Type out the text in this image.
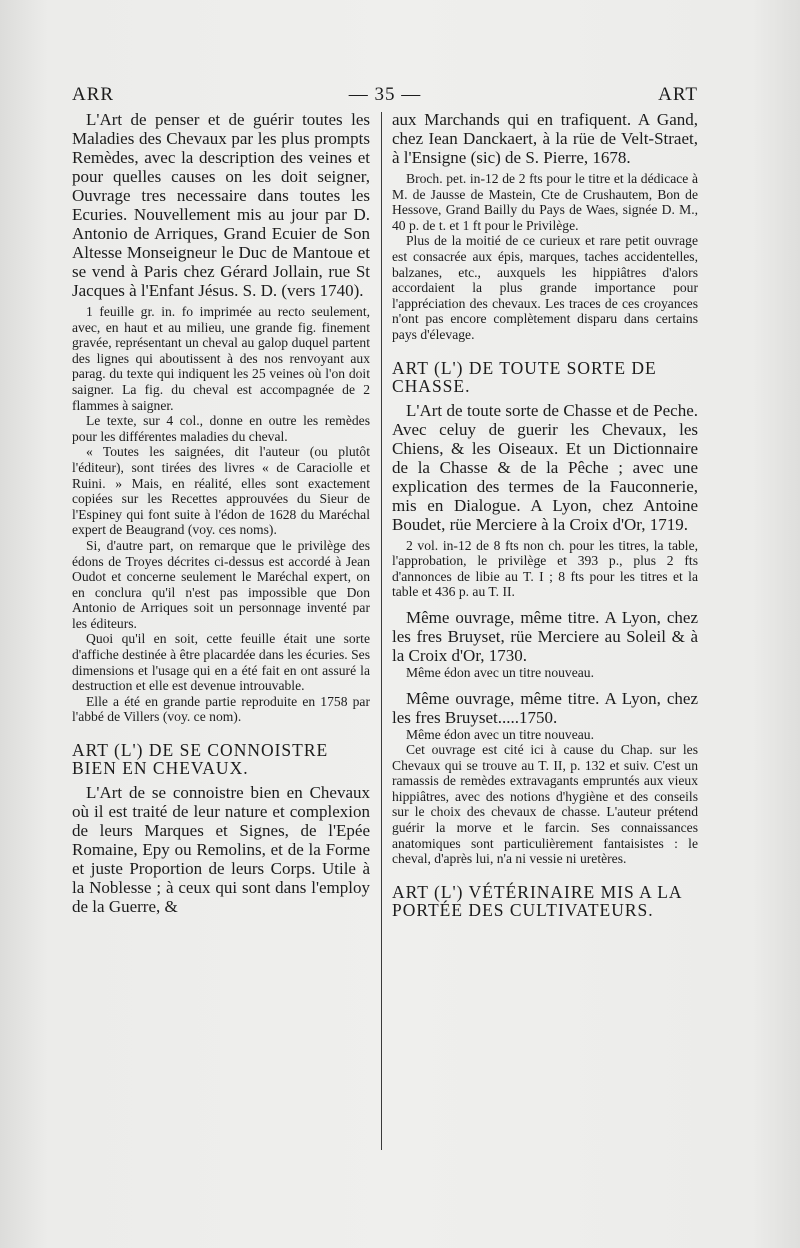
ARR	— 35 —	ART

L'Art de penser et de guérir toutes les Maladies des Chevaux par les plus prompts Remèdes, avec la description des veines et pour quelles causes on les doit seigner, Ouvrage tres necessaire dans toutes les Ecuries. Nouvellement mis au jour par D. Antonio de Arriques, Grand Ecuier de Son Altesse Monseigneur le Duc de Mantoue et se vend à Paris chez Gérard Jollain, rue St Jacques à l'Enfant Jésus. S. D. (vers 1740).

1 feuille gr. in. fo imprimée au recto seulement, avec, en haut et au milieu, une grande fig. finement gravée, représentant un cheval au galop duquel partent des lignes qui aboutissent à des nos renvoyant aux parag. du texte qui indiquent les 25 veines où l'on doit saigner. La fig. du cheval est accompagnée de 2 flammes à saigner.

Le texte, sur 4 col., donne en outre les remèdes pour les différentes maladies du cheval.

« Toutes les saignées, dit l'auteur (ou plutôt l'éditeur), sont tirées des livres « de Caraciolle et Ruini. » Mais, en réalité, elles sont exactement copiées sur les Recettes approuvées du Sieur de l'Espiney qui font suite à l'édon de 1628 du Maréchal expert de Beaugrand (voy. ces noms).

Si, d'autre part, on remarque que le privilège des édons de Troyes décrites ci-dessus est accordé à Jean Oudot et concerne seulement le Maréchal expert, on en conclura qu'il n'est pas impossible que Don Antonio de Arriques soit un personnage inventé par les éditeurs.

Quoi qu'il en soit, cette feuille était une sorte d'affiche destinée à être placardée dans les écuries. Ses dimensions et l'usage qui en a été fait en ont assuré la destruction et elle est devenue introuvable.

Elle a été en grande partie reproduite en 1758 par l'abbé de Villers (voy. ce nom).

ART (L') DE SE CONNOISTRE BIEN EN CHEVAUX.

L'Art de se connoistre bien en Chevaux où il est traité de leur nature et complexion de leurs Marques et Signes, de l'Epée Romaine, Epy ou Remolins, et de la Forme et juste Proportion de leurs Corps. Utile à la Noblesse ; à ceux qui sont dans l'employ de la Guerre, &

aux Marchands qui en trafiquent. A Gand, chez Iean Danckaert, à la rüe de Velt-Straet, à l'Ensigne (sic) de S. Pierre, 1678.

Broch. pet. in-12 de 2 fts pour le titre et la dédicace à M. de Jausse de Mastein, Cte de Crushautem, Bon de Hessove, Grand Bailly du Pays de Waes, signée D. M., 40 p. de t. et 1 ft pour le Privilège.

Plus de la moitié de ce curieux et rare petit ouvrage est consacrée aux épis, marques, taches accidentelles, balzanes, etc., auxquels les hippiâtres d'alors accordaient la plus grande importance pour l'appréciation des chevaux. Les traces de ces croyances n'ont pas encore complètement disparu dans certains pays d'élevage.

ART (L') DE TOUTE SORTE DE CHASSE.

L'Art de toute sorte de Chasse et de Peche. Avec celuy de guerir les Chevaux, les Chiens, & les Oiseaux. Et un Dictionnaire de la Chasse & de la Pêche ; avec une explication des termes de la Fauconnerie, mis en Dialogue. A Lyon, chez Antoine Boudet, rüe Merciere à la Croix d'Or, 1719.

2 vol. in-12 de 8 fts non ch. pour les titres, la table, l'approbation, le privilège et 393 p., plus 2 fts d'annonces de libie au T. I ; 8 fts pour les titres et la table et 436 p. au T. II.

Même ouvrage, même titre. A Lyon, chez les fres Bruyset, rüe Merciere au Soleil & à la Croix d'Or, 1730.

Même édon avec un titre nouveau.

Même ouvrage, même titre. A Lyon, chez les fres Bruyset.....1750.

Même édon avec un titre nouveau.

Cet ouvrage est cité ici à cause du Chap. sur les Chevaux qui se trouve au T. II, p. 132 et suiv. C'est un ramassis de remèdes extravagants empruntés aux vieux hippiâtres, avec des notions d'hygiène et des conseils sur le choix des chevaux de chasse. L'auteur prétend guérir la morve et le farcin. Ses connaissances anatomiques sont particulièrement fantaisistes : le cheval, d'après lui, n'a ni vessie ni uretères.

ART (L') VÉTÉRINAIRE MIS A LA PORTÉE DES CULTIVATEURS.
